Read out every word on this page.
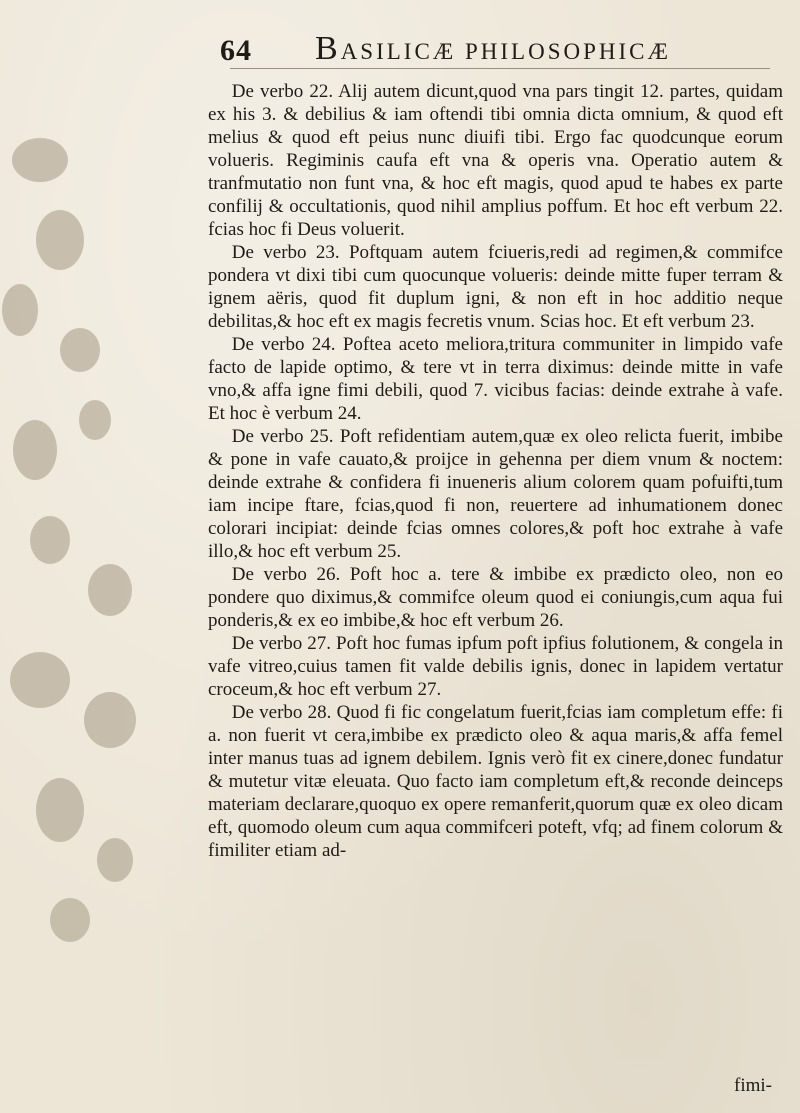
64 BASILICÆ PHILOSOPHICÆ

De verbo 22. Alij autem dicunt,quod vna pars tingit 12. partes, quidam ex his 3. & debilius & iam oftendi tibi omnia dicta omnium, & quod eft melius & quod eft peius nunc diuifi tibi. Ergo fac quodcunque eorum volueris. Regiminis caufa eft vna & operis vna. Operatio autem & tranfmutatio non funt vna, & hoc eft magis, quod apud te habes ex parte confilij & occultationis, quod nihil amplius poffum. Et hoc eft verbum 22. fcias hoc fi Deus voluerit.

De verbo 23. Poftquam autem fciueris,redi ad regimen,& commifce pondera vt dixi tibi cum quocunque volueris: deinde mitte fuper terram & ignem aëris, quod fit duplum igni, & non eft in hoc additio neque debilitas,& hoc eft ex magis fecretis vnum. Scias hoc. Et eft verbum 23.

De verbo 24. Poftea aceto meliora,tritura communiter in limpido vafe facto de lapide optimo, & tere vt in terra diximus: deinde mitte in vafe vno,& affa igne fimi debili, quod 7. vicibus facias: deinde extrahe à vafe. Et hoc è verbum 24.

De verbo 25. Poft refidentiam autem,quæ ex oleo relicta fuerit, imbibe & pone in vafe cauato,& proijce in gehenna per diem vnum & noctem: deinde extrahe & confidera fi inueneris alium colorem quam pofuifti,tum iam incipe ftare, fcias,quod fi non, reuertere ad inhumationem donec colorari incipiat: deinde fcias omnes colores,& poft hoc extrahe à vafe illo,& hoc eft verbum 25.

De verbo 26. Poft hoc a. tere & imbibe ex prædicto oleo, non eo pondere quo diximus,& commifce oleum quod ei coniungis,cum aqua fui ponderis,& ex eo imbibe,& hoc eft verbum 26.

De verbo 27. Poft hoc fumas ipfum poft ipfius folutionem, & congela in vafe vitreo,cuius tamen fit valde debilis ignis, donec in lapidem vertatur croceum,& hoc eft verbum 27.

De verbo 28. Quod fi fic congelatum fuerit,fcias iam completum effe: fi a. non fuerit vt cera,imbibe ex prædicto oleo & aqua maris,& affa femel inter manus tuas ad ignem debilem. Ignis verò fit ex cinere,donec fundatur & mutetur vitæ eleuata. Quo facto iam completum eft,& reconde deinceps materiam declarare,quoquo ex opere remanferit,quorum quæ ex oleo dicam eft, quomodo oleum cum aqua commifceri poteft, vfq; ad finem colorum & fimiliter etiam ad-

fimi-
